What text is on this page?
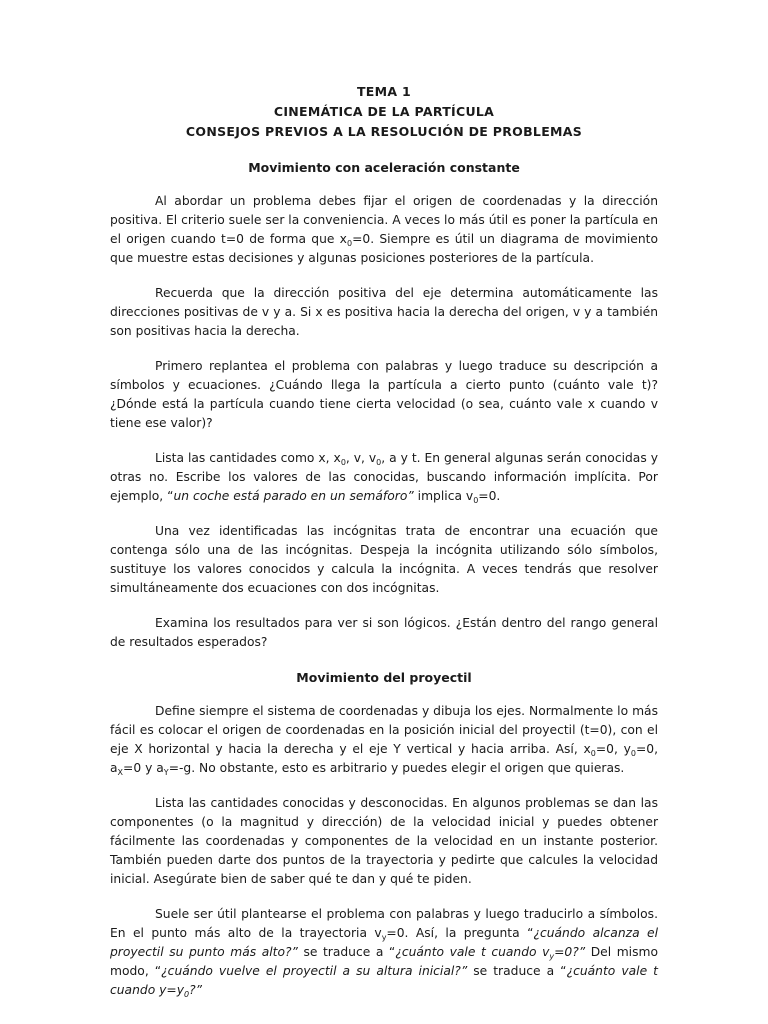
TEMA 1
CINEMÁTICA DE LA PARTÍCULA
CONSEJOS PREVIOS A LA RESOLUCIÓN DE PROBLEMAS
Movimiento con aceleración constante

Al abordar un problema debes fijar el origen de coordenadas y la dirección positiva. El criterio suele ser la conveniencia. A veces lo más útil es poner la partícula en el origen cuando t=0 de forma que $x_0=0$. Siempre es útil un diagrama de movimiento que muestre estas decisiones y algunas posiciones posteriores de la partícula.

Recuerda que la dirección positiva del eje determina automáticamente las direcciones positivas de v y a. Si x es positiva hacia la derecha del origen, v y a también son positivas hacia la derecha.

Primero replantea el problema con palabras y luego traduce su descripción a símbolos y ecuaciones. ¿Cuándo llega la partícula a cierto punto (cuánto vale t)? ¿Dónde está la partícula cuando tiene cierta velocidad (o sea, cuánto vale x cuando v tiene ese valor)?

Lista las cantidades como x, $x_0$, v, $v_0$, a y t. En general algunas serán conocidas y otras no. Escribe los valores de las conocidas, buscando información implícita. Por ejemplo, “un coche está parado en un semáforo” implica $v_0=0$.

Una vez identificadas las incógnitas trata de encontrar una ecuación que contenga sólo una de las incógnitas. Despeja la incógnita utilizando sólo símbolos, sustituye los valores conocidos y calcula la incógnita. A veces tendrás que resolver simultáneamente dos ecuaciones con dos incógnitas.

Examina los resultados para ver si son lógicos. ¿Están dentro del rango general de resultados esperados?

Movimiento del proyectil

Define siempre el sistema de coordenadas y dibuja los ejes. Normalmente lo más fácil es colocar el origen de coordenadas en la posición inicial del proyectil (t=0), con el eje X horizontal y hacia la derecha y el eje Y vertical y hacia arriba. Así, $x_0=0$, $y_0=0$, $a_X=0$ y $a_Y=-g$. No obstante, esto es arbitrario y puedes elegir el origen que quieras.

Lista las cantidades conocidas y desconocidas. En algunos problemas se dan las componentes (o la magnitud y dirección) de la velocidad inicial y puedes obtener fácilmente las coordenadas y componentes de la velocidad en un instante posterior. También pueden darte dos puntos de la trayectoria y pedirte que calcules la velocidad inicial. Asegúrate bien de saber qué te dan y qué te piden.

Suele ser útil plantearse el problema con palabras y luego traducirlo a símbolos. En el punto más alto de la trayectoria $v_y=0$. Así, la pregunta “¿cuándo alcanza el proyectil su punto más alto?” se traduce a “¿cuánto vale t cuando $v_y=0$?” Del mismo modo, “¿cuándo vuelve el proyectil a su altura inicial?” se traduce a “¿cuánto vale t cuando $y=y_0$?”
